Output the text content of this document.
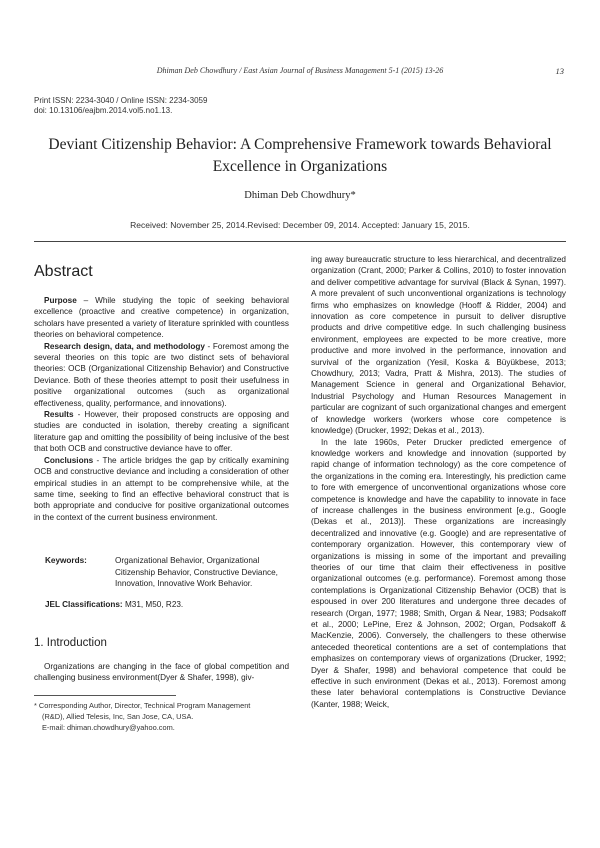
Dhiman Deb Chowdhury / East Asian Journal of Business Management 5-1 (2015) 13-26	13
Print ISSN: 2234-3040 / Online ISSN: 2234-3059
doi: 10.13106/eajbm.2014.vol5.no1.13.
Deviant Citizenship Behavior: A Comprehensive Framework towards Behavioral
Excellence in Organizations
Dhiman Deb Chowdhury*
Received: November 25, 2014.Revised: December 09, 2014. Accepted: January 15, 2015.
Abstract

Purpose – While studying the topic of seeking behavioral excellence (proactive and creative competence) in organization, scholars have presented a variety of literature sprinkled with countless theories on behavioral competence.

Research design, data, and methodology - Foremost among the several theories on this topic are two distinct sets of behavioral theories: OCB (Organizational Citizenship Behavior) and Constructive Deviance. Both of these theories attempt to posit their usefulness in positive organizational outcomes (such as organizational effectiveness, quality, performance, and innovations).

Results - However, their proposed constructs are opposing and studies are conducted in isolation, thereby creating a significant literature gap and omitting the possibility of being inclusive of the best that both OCB and constructive deviance have to offer.

Conclusions - The article bridges the gap by critically examining OCB and constructive deviance and including a consideration of other empirical studies in an attempt to be comprehensive while, at the same time, seeking to find an effective behavioral construct that is both appropriate and conducive for positive organizational outcomes in the context of the current business environment.

Keywords:	Organizational Behavior, Organizational Citizenship Behavior, Constructive Deviance, Innovation, Innovative Work Behavior.
JEL Classifications: M31, M50, R23.
1. Introduction

Organizations are changing in the face of global competition and challenging business environment(Dyer & Shafer, 1998), giv-

* Corresponding Author, Director, Technical Program Management
(R&D), Allied Telesis, Inc, San Jose, CA, USA.
E-mail: dhiman.chowdhury@yahoo.com.

ing away bureaucratic structure to less hierarchical, and decentralized organization (Crant, 2000; Parker & Collins, 2010) to foster innovation and deliver competitive advantage for survival (Black & Synan, 1997). A more prevalent of such unconventional organizations is technology firms who emphasizes on knowledge (Hooff & Ridder, 2004) and innovation as core competence in pursuit to deliver disruptive products and drive competitive edge. In such challenging business environment, employees are expected to be more creative, more productive and more involved in the performance, innovation and survival of the organization (Yesil, Koska & Büyükbese, 2013; Chowdhury, 2013; Vadra, Pratt & Mishra, 2013). The studies of Management Science in general and Organizational Behavior, Industrial Psychology and Human Resources Management in particular are cognizant of such organizational changes and emergent of knowledge workers (workers whose core competence is knowledge) (Drucker, 1992; Dekas et al., 2013).

In the late 1960s, Peter Drucker predicted emergence of knowledge workers and knowledge and innovation (supported by rapid change of information technology) as the core competence of the organizations in the coming era. Interestingly, his prediction came to fore with emergence of unconventional organizations whose core competence is knowledge and have the capability to innovate in face of increase challenges in the business environment [e.g., Google (Dekas et al., 2013)]. These organizations are increasingly decentralized and innovative (e.g. Google) and are representative of contemporary organization. However, this contemporary view of organizations is missing in some of the important and prevailing theories of our time that claim their effectiveness in positive organizational outcomes (e.g. performance). Foremost among those contemplations is Organizational Citizenship Behavior (OCB) that is espoused in over 200 literatures and undergone three decades of research (Organ, 1977; 1988; Smith, Organ & Near, 1983; Podsakoff et al., 2000; LePine, Erez & Johnson, 2002; Organ, Podsakoff & MacKenzie, 2006). Conversely, the challengers to these otherwise anteceded theoretical contentions are a set of contemplations that emphasizes on contemporary views of organizations (Drucker, 1992; Dyer & Shafer, 1998) and behavioral competence that could be effective in such environment (Dekas et al., 2013). Foremost among these later behavioral contemplations is Constructive Deviance (Kanter, 1988; Weick,
